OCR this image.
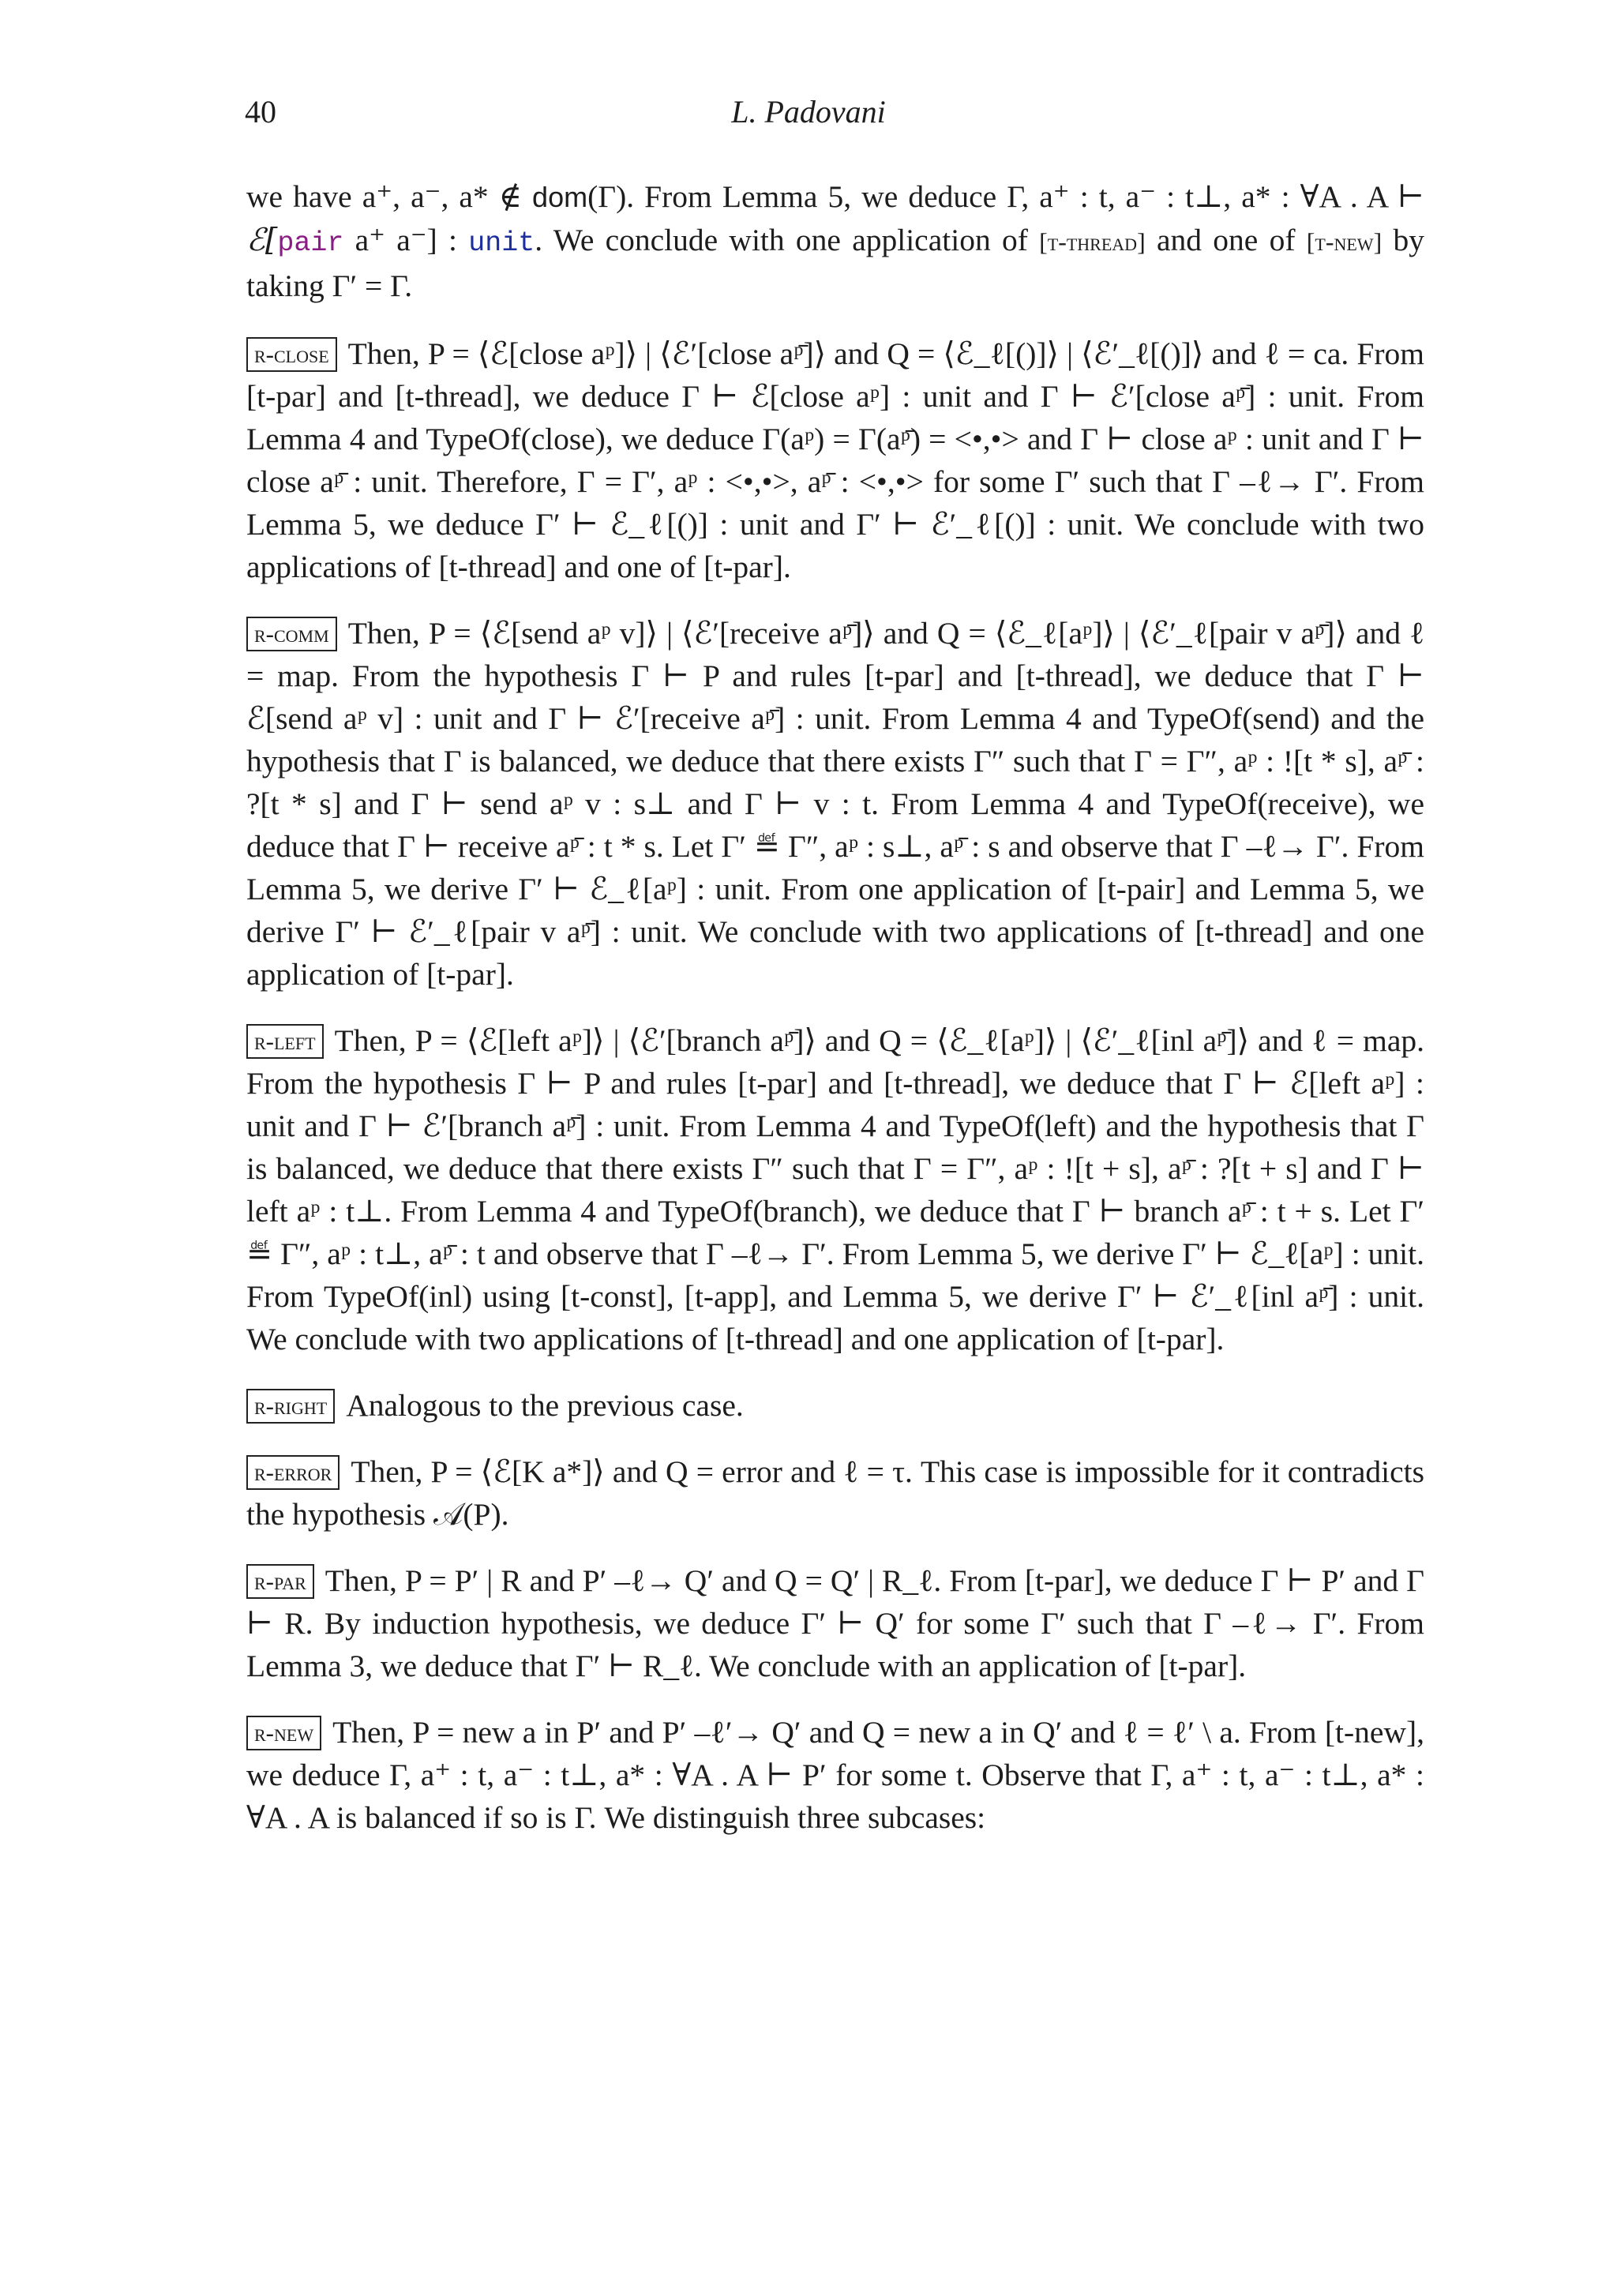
40	L. Padovani

we have a⁺, a⁻, a* ∉ dom(Γ). From Lemma 5, we deduce Γ, a⁺ : t, a⁻ : t⊥, a* : ∀A . A ⊢ ℰ[pair a⁺ a⁻] : unit. We conclude with one application of [t-thread] and one of [t-new] by taking Γ′ = Γ.

r-close Then, P = ⟨ℰ[close aᵖ]⟩ | ⟨ℰ′[close aᵖ̄]⟩ and Q = ⟨ℰ_ℓ[()]⟩ | ⟨ℰ′_ℓ[()]⟩ and ℓ = ca. From [t-par] and [t-thread], we deduce Γ ⊢ ℰ[close aᵖ] : unit and Γ ⊢ ℰ′[close aᵖ̄] : unit. From Lemma 4 and TypeOf(close), we deduce Γ(aᵖ) = Γ(aᵖ̄) = <•,•> and Γ ⊢ close aᵖ : unit and Γ ⊢ close aᵖ̄ : unit. Therefore, Γ = Γ′, aᵖ : <•,•>, aᵖ̄ : <•,•> for some Γ′ such that Γ –ℓ→ Γ′. From Lemma 5, we deduce Γ′ ⊢ ℰ_ℓ[()] : unit and Γ′ ⊢ ℰ′_ℓ[()] : unit. We conclude with two applications of [t-thread] and one of [t-par].

r-comm Then, P = ⟨ℰ[send aᵖ v]⟩ | ⟨ℰ′[receive aᵖ̄]⟩ and Q = ⟨ℰ_ℓ[aᵖ]⟩ | ⟨ℰ′_ℓ[pair v aᵖ̄]⟩ and ℓ = map. From the hypothesis Γ ⊢ P and rules [t-par] and [t-thread], we deduce that Γ ⊢ ℰ[send aᵖ v] : unit and Γ ⊢ ℰ′[receive aᵖ̄] : unit. From Lemma 4 and TypeOf(send) and the hypothesis that Γ is balanced, we deduce that there exists Γ″ such that Γ = Γ″, aᵖ : ![t * s], aᵖ̄ : ?[t * s] and Γ ⊢ send aᵖ v : s⊥ and Γ ⊢ v : t. From Lemma 4 and TypeOf(receive), we deduce that Γ ⊢ receive aᵖ̄ : t * s. Let Γ′ ≝ Γ″, aᵖ : s⊥, aᵖ̄ : s and observe that Γ –ℓ→ Γ′. From Lemma 5, we derive Γ′ ⊢ ℰ_ℓ[aᵖ] : unit. From one application of [t-pair] and Lemma 5, we derive Γ′ ⊢ ℰ′_ℓ[pair v aᵖ̄] : unit. We conclude with two applications of [t-thread] and one application of [t-par].

r-left Then, P = ⟨ℰ[left aᵖ]⟩ | ⟨ℰ′[branch aᵖ̄]⟩ and Q = ⟨ℰ_ℓ[aᵖ]⟩ | ⟨ℰ′_ℓ[inl aᵖ̄]⟩ and ℓ = map. From the hypothesis Γ ⊢ P and rules [t-par] and [t-thread], we deduce that Γ ⊢ ℰ[left aᵖ] : unit and Γ ⊢ ℰ′[branch aᵖ̄] : unit. From Lemma 4 and TypeOf(left) and the hypothesis that Γ is balanced, we deduce that there exists Γ″ such that Γ = Γ″, aᵖ : ![t + s], aᵖ̄ : ?[t + s] and Γ ⊢ left aᵖ : t⊥. From Lemma 4 and TypeOf(branch), we deduce that Γ ⊢ branch aᵖ̄ : t + s. Let Γ′ ≝ Γ″, aᵖ : t⊥, aᵖ̄ : t and observe that Γ –ℓ→ Γ′. From Lemma 5, we derive Γ′ ⊢ ℰ_ℓ[aᵖ] : unit. From TypeOf(inl) using [t-const], [t-app], and Lemma 5, we derive Γ′ ⊢ ℰ′_ℓ[inl aᵖ̄] : unit. We conclude with two applications of [t-thread] and one application of [t-par].

r-right Analogous to the previous case.

r-error Then, P = ⟨ℰ[K a*]⟩ and Q = error and ℓ = τ. This case is impossible for it contradicts the hypothesis 𝒜(P).

r-par Then, P = P′ | R and P′ –ℓ→ Q′ and Q = Q′ | R_ℓ. From [t-par], we deduce Γ ⊢ P′ and Γ ⊢ R. By induction hypothesis, we deduce Γ′ ⊢ Q′ for some Γ′ such that Γ –ℓ→ Γ′. From Lemma 3, we deduce that Γ′ ⊢ R_ℓ. We conclude with an application of [t-par].

r-new Then, P = new a in P′ and P′ –ℓ′→ Q′ and Q = new a in Q′ and ℓ = ℓ′ \ a. From [t-new], we deduce Γ, a⁺ : t, a⁻ : t⊥, a* : ∀A . A ⊢ P′ for some t. Observe that Γ, a⁺ : t, a⁻ : t⊥, a* : ∀A . A is balanced if so is Γ. We distinguish three subcases:
